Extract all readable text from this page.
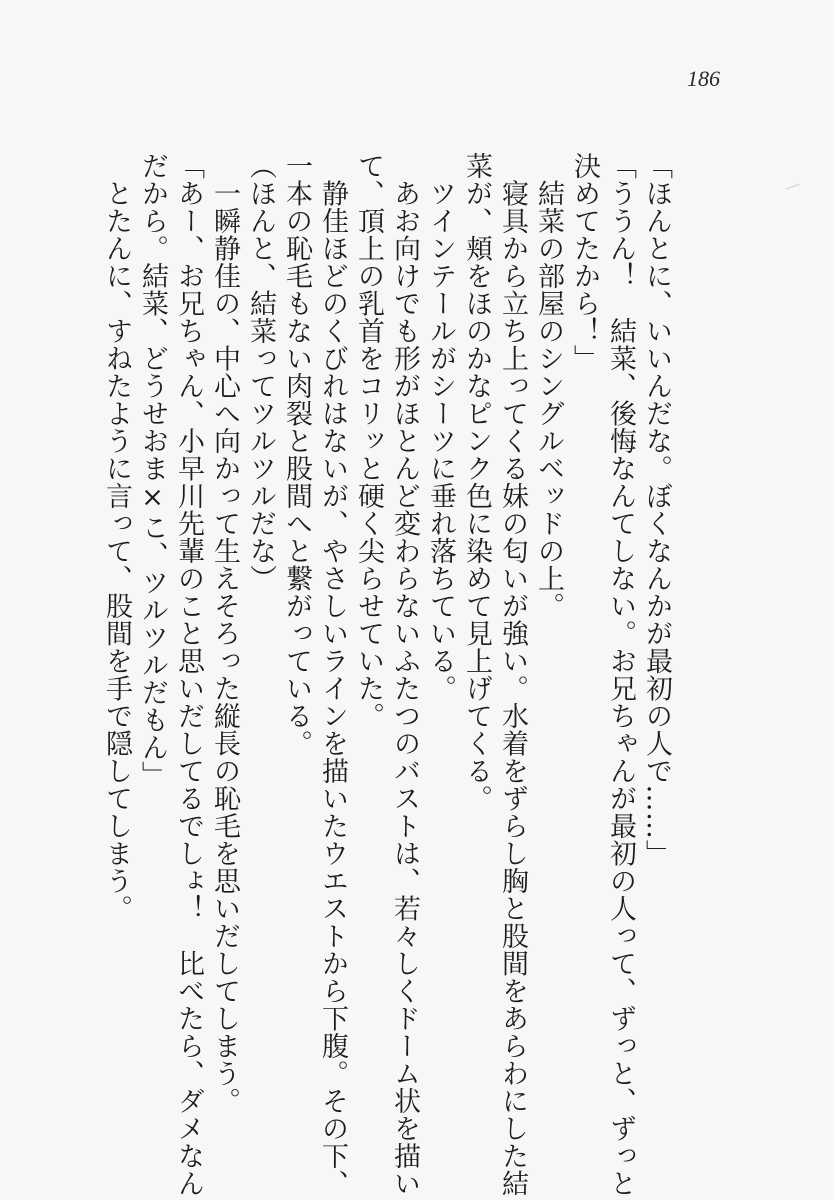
186
「ほんとに、いいんだな。ぼくなんかが最初の人で……」
「ううん！　結菜、後悔なんてしない。お兄ちゃんが最初の人って、ずっと、ずっと
決めてたから！」
　結菜の部屋のシングルベッドの上。
　寝具から立ち上ってくる妹の匂いが強い。水着をずらし胸と股間をあらわにした結
菜が、頬をほのかなピンク色に染めて見上げてくる。
　ツインテールがシーツに垂れ落ちている。
　あお向けでも形がほとんど変わらないふたつのバストは、若々しくドーム状を描い
て、頂上の乳首をコリッと硬く尖らせていた。
　静佳ほどのくびれはないが、やさしいラインを描いたウエストから下腹。その下、
一本の恥毛もない肉裂と股間へと繋がっている。
（ほんと、結菜ってツルツルだな）
　一瞬静佳の、中心へ向かって生えそろった縦長の恥毛を思いだしてしまう。
「あー、お兄ちゃん、小早川先輩のこと思いだしてるでしょ！　比べたら、ダメなん
だから。結菜、どうせおま×こ、ツルツルだもん」
　とたんに、すねたように言って、股間を手で隠してしまう。
